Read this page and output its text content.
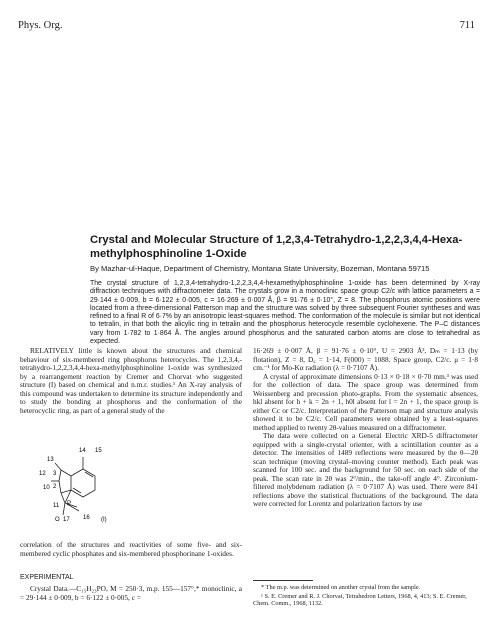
Phys. Org.	711
Crystal and Molecular Structure of 1,2,3,4-Tetrahydro-1,2,2,3,4,4-Hexa-methylphosphinoline 1-Oxide
By Mazhar-ul-Haque, Department of Chemistry, Montana State University, Bozeman, Montana 59715
The crystal structure of 1,2,3,4-tetrahydro-1,2,2,3,4,4-hexamethylphosphinoline 1-oxide has been determined by X-ray diffraction techniques with diffractometer data. The crystals grow in a monoclinic space group C2/c with lattice parameters a = 29·144 ± 0·009, b = 6·122 ± 0·005, c = 16·269 ± 0·007 Å, β = 91·76 ± 0·10°, Z = 8. The phosphorus atomic positions were located from a three-dimensional Patterson map and the structure was solved by three subsequent Fourier syntheses and was refined to a final R of 6·7% by an anisotropic least-squares method. The conformation of the molecule is similar but not identical to tetralin, in that both the alicylic ring in tetralin and the phosphorus heterocycle resemble cyclohexene. The P–C distances vary from 1·782 to 1·864 Å. The angles around phosphorus and the saturated carbon atoms are close to tetrahedral as expected.

RELATIVELY little is known about the structures and chemical behaviour of six-membered ring phosphorus heterocycles. The 1,2,3,4,-tetrahydro-1,2,2,3,4,4-hexa-methylphosphinoline 1-oxide was synthesized by a rearrangement reaction by Cremer and Chorvat who suggested structure (I) based on chemical and n.m.r. studies.¹ An X-ray analysis of this compound was undertaken to determine its structure independently and to study the bonding at phosphorus and the conformation of the heterocyclic ring, as part of a general study of the

14 15
13
12 3
2
10
P
11
O 17 16 (I)

correlation of the structures and reactivities of some five- and six-membered cyclic phosphates and six-membered phosphorinane 1-oxides.

EXPERIMENTAL

Crystal Data.—C₁₅H₂₃PO, M = 250·3, m.p. 155—157°,* monoclinic, a = 29·144 ± 0·009, b = 6·122 ± 0·005, c =

16·269 ± 0·007 Å, β = 91·76 ± 0·10°, U = 2903 Å³, Dₘ = 1·13 (by flotation), Z = 8, D꜀ = 1·14, F(000) = 1088. Space group, C2/c. μ = 1·8 cm.⁻¹ for Mo-Kα radiation (λ = 0·7107 Å).

A crystal of approximate dimensions 0·13 × 0·18 × 0·70 mm.³ was used for the collection of data. The space group was determined from Weissenberg and precession photo-graphs. From the systematic absences, hkl absent for h + k = 2n + 1, h0l absent for l = 2n + 1, the space group is either Cc or C2/c. Interpretation of the Patterson map and structure analysis showed it to be C2/c. Cell parameters were obtained by a least-squares method applied to twenty 2θ-values measured on a diffractometer.

The data were collected on a General Electric XRD-5 diffractometer equipped with a single-crystal orienter, with a scintillation counter as a detector. The intensities of 1489 reflections were measured by the θ—2θ scan technique (moving crystal–moving counter method). Each peak was scanned for 100 sec. and the background for 50 sec. on each side of the peak. The scan rate in 2θ was 2°/min., the take-off angle 4°. Zirconium-filtered molybdenum radiation (λ = 0·7107 Å) was used. There were 841 reflections above the statistical fluctuations of the background. The data were corrected for Lorentz and polarization factors by use

* The m.p. was determined on another crystal from the sample.

¹ S. E. Cremer and R. J. Chorvat, Tetrahedron Letters, 1968, 4, 413; S. E. Cremer, Chem. Comm., 1968, 1132.
